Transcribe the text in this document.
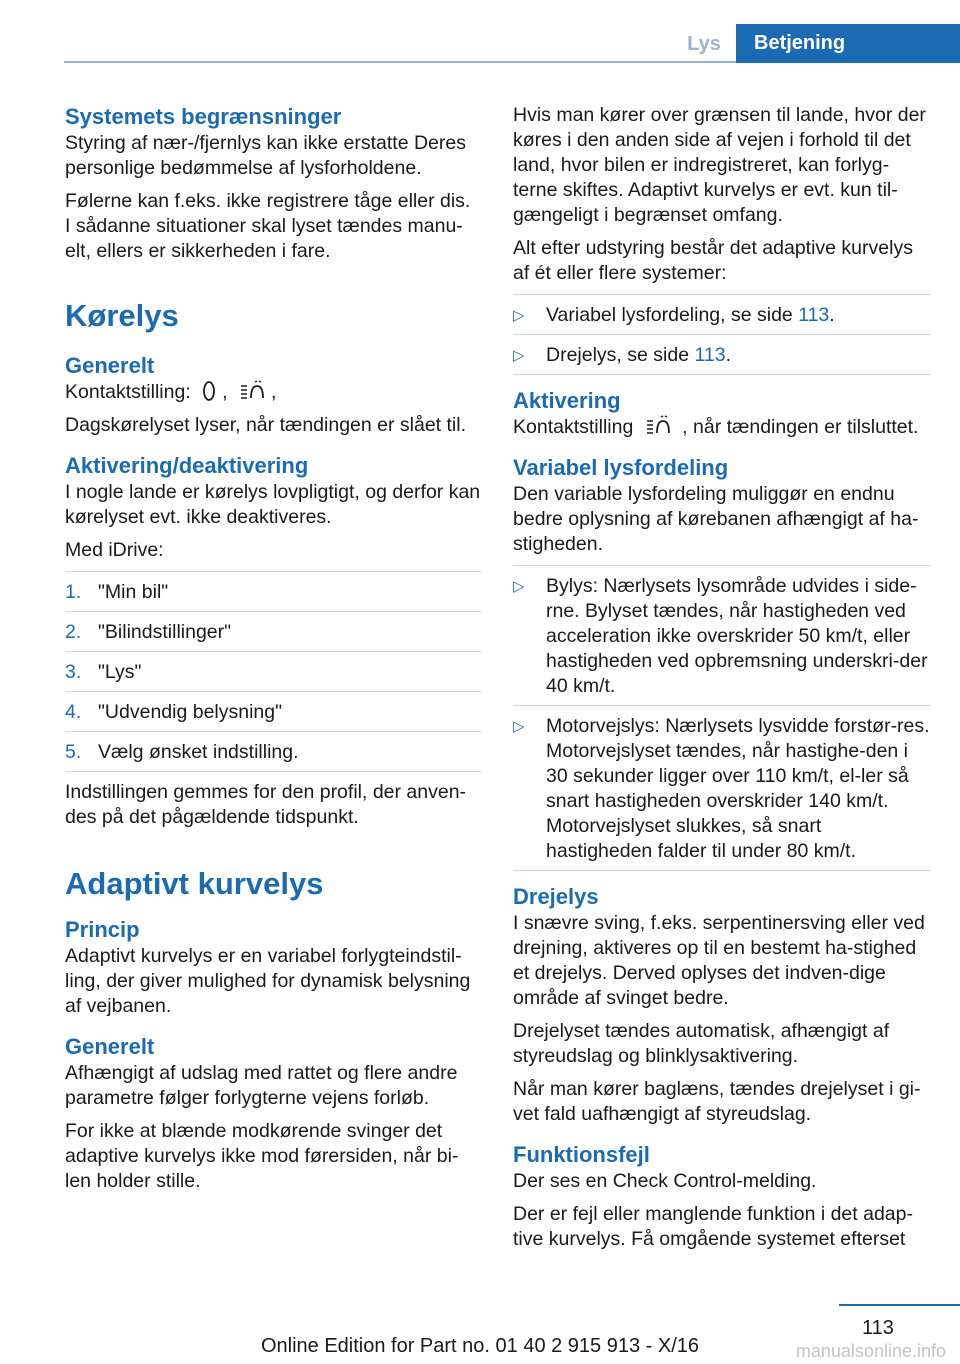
Lys	Betjening
Systemets begrænsninger

Styring af nær-/fjernlys kan ikke erstatte Deres personlige bedømmelse af lysforholdene.

Følerne kan f.eks. ikke registrere tåge eller dis. I sådanne situationer skal lyset tændes manu-elt, ellers er sikkerheden i fare.

Kørelys
Generelt

Kontaktstilling: , ,

Dagskørelyset lyser, når tændingen er slået til.

Aktivering/deaktivering

I nogle lande er kørelys lovpligtigt, og derfor kan kørelyset evt. ikke deaktiveres.

Med iDrive:

1. "Min bil"
2. "Bilindstillinger"
3. "Lys"
4. "Udvendig belysning"
5. Vælg ønsket indstilling.

Indstillingen gemmes for den profil, der anven-des på det pågældende tidspunkt.

Adaptivt kurvelys
Princip

Adaptivt kurvelys er en variabel forlygteindstil-ling, der giver mulighed for dynamisk belysning af vejbanen.

Generelt

Afhængigt af udslag med rattet og flere andre parametre følger forlygterne vejens forløb.

For ikke at blænde modkørende svinger det adaptive kurvelys ikke mod førersiden, når bi-len holder stille.

Hvis man kører over grænsen til lande, hvor der køres i den anden side af vejen i forhold til det land, hvor bilen er indregistreret, kan forlyg-terne skiftes. Adaptivt kurvelys er evt. kun til-gængeligt i begrænset omfang.

Alt efter udstyring består det adaptive kurvelys af ét eller flere systemer:

▷	Variabel lysfordeling, se side 113.
▷	Drejelys, se side 113.
Aktivering

Kontaktstilling	, når tændingen er tilsluttet.

Variabel lysfordeling

Den variable lysfordeling muliggør en endnu bedre oplysning af kørebanen afhængigt af ha-stigheden.

▷	Bylys: Nærlysets lysområde udvides i side-rne. Bylyset tændes, når hastigheden ved acceleration ikke overskrider 50 km/t, eller hastigheden ved opbremsning underskri-der 40 km/t.
▷	Motorvejslys: Nærlysets lysvidde forstør-res. Motorvejslyset tændes, når hastighe-den i 30 sekunder ligger over 110 km/t, el-ler så snart hastigheden overskrider 140 km/t. Motorvejslyset slukkes, så snart hastigheden falder til under 80 km/t.
Drejelys

I snævre sving, f.eks. serpentinersving eller ved drejning, aktiveres op til en bestemt ha-stighed et drejelys. Derved oplyses det indven-dige område af svinget bedre.

Drejelyset tændes automatisk, afhængigt af styreudslag og blinklysaktivering.

Når man kører baglæns, tændes drejelyset i gi-vet fald uafhængigt af styreudslag.

Funktionsfejl

Der ses en Check Control-melding.

Der er fejl eller manglende funktion i det adap-tive kurvelys. Få omgående systemet efterset

113
Online Edition for Part no. 01 40 2 915 913 - X/16	manualsonline.info
